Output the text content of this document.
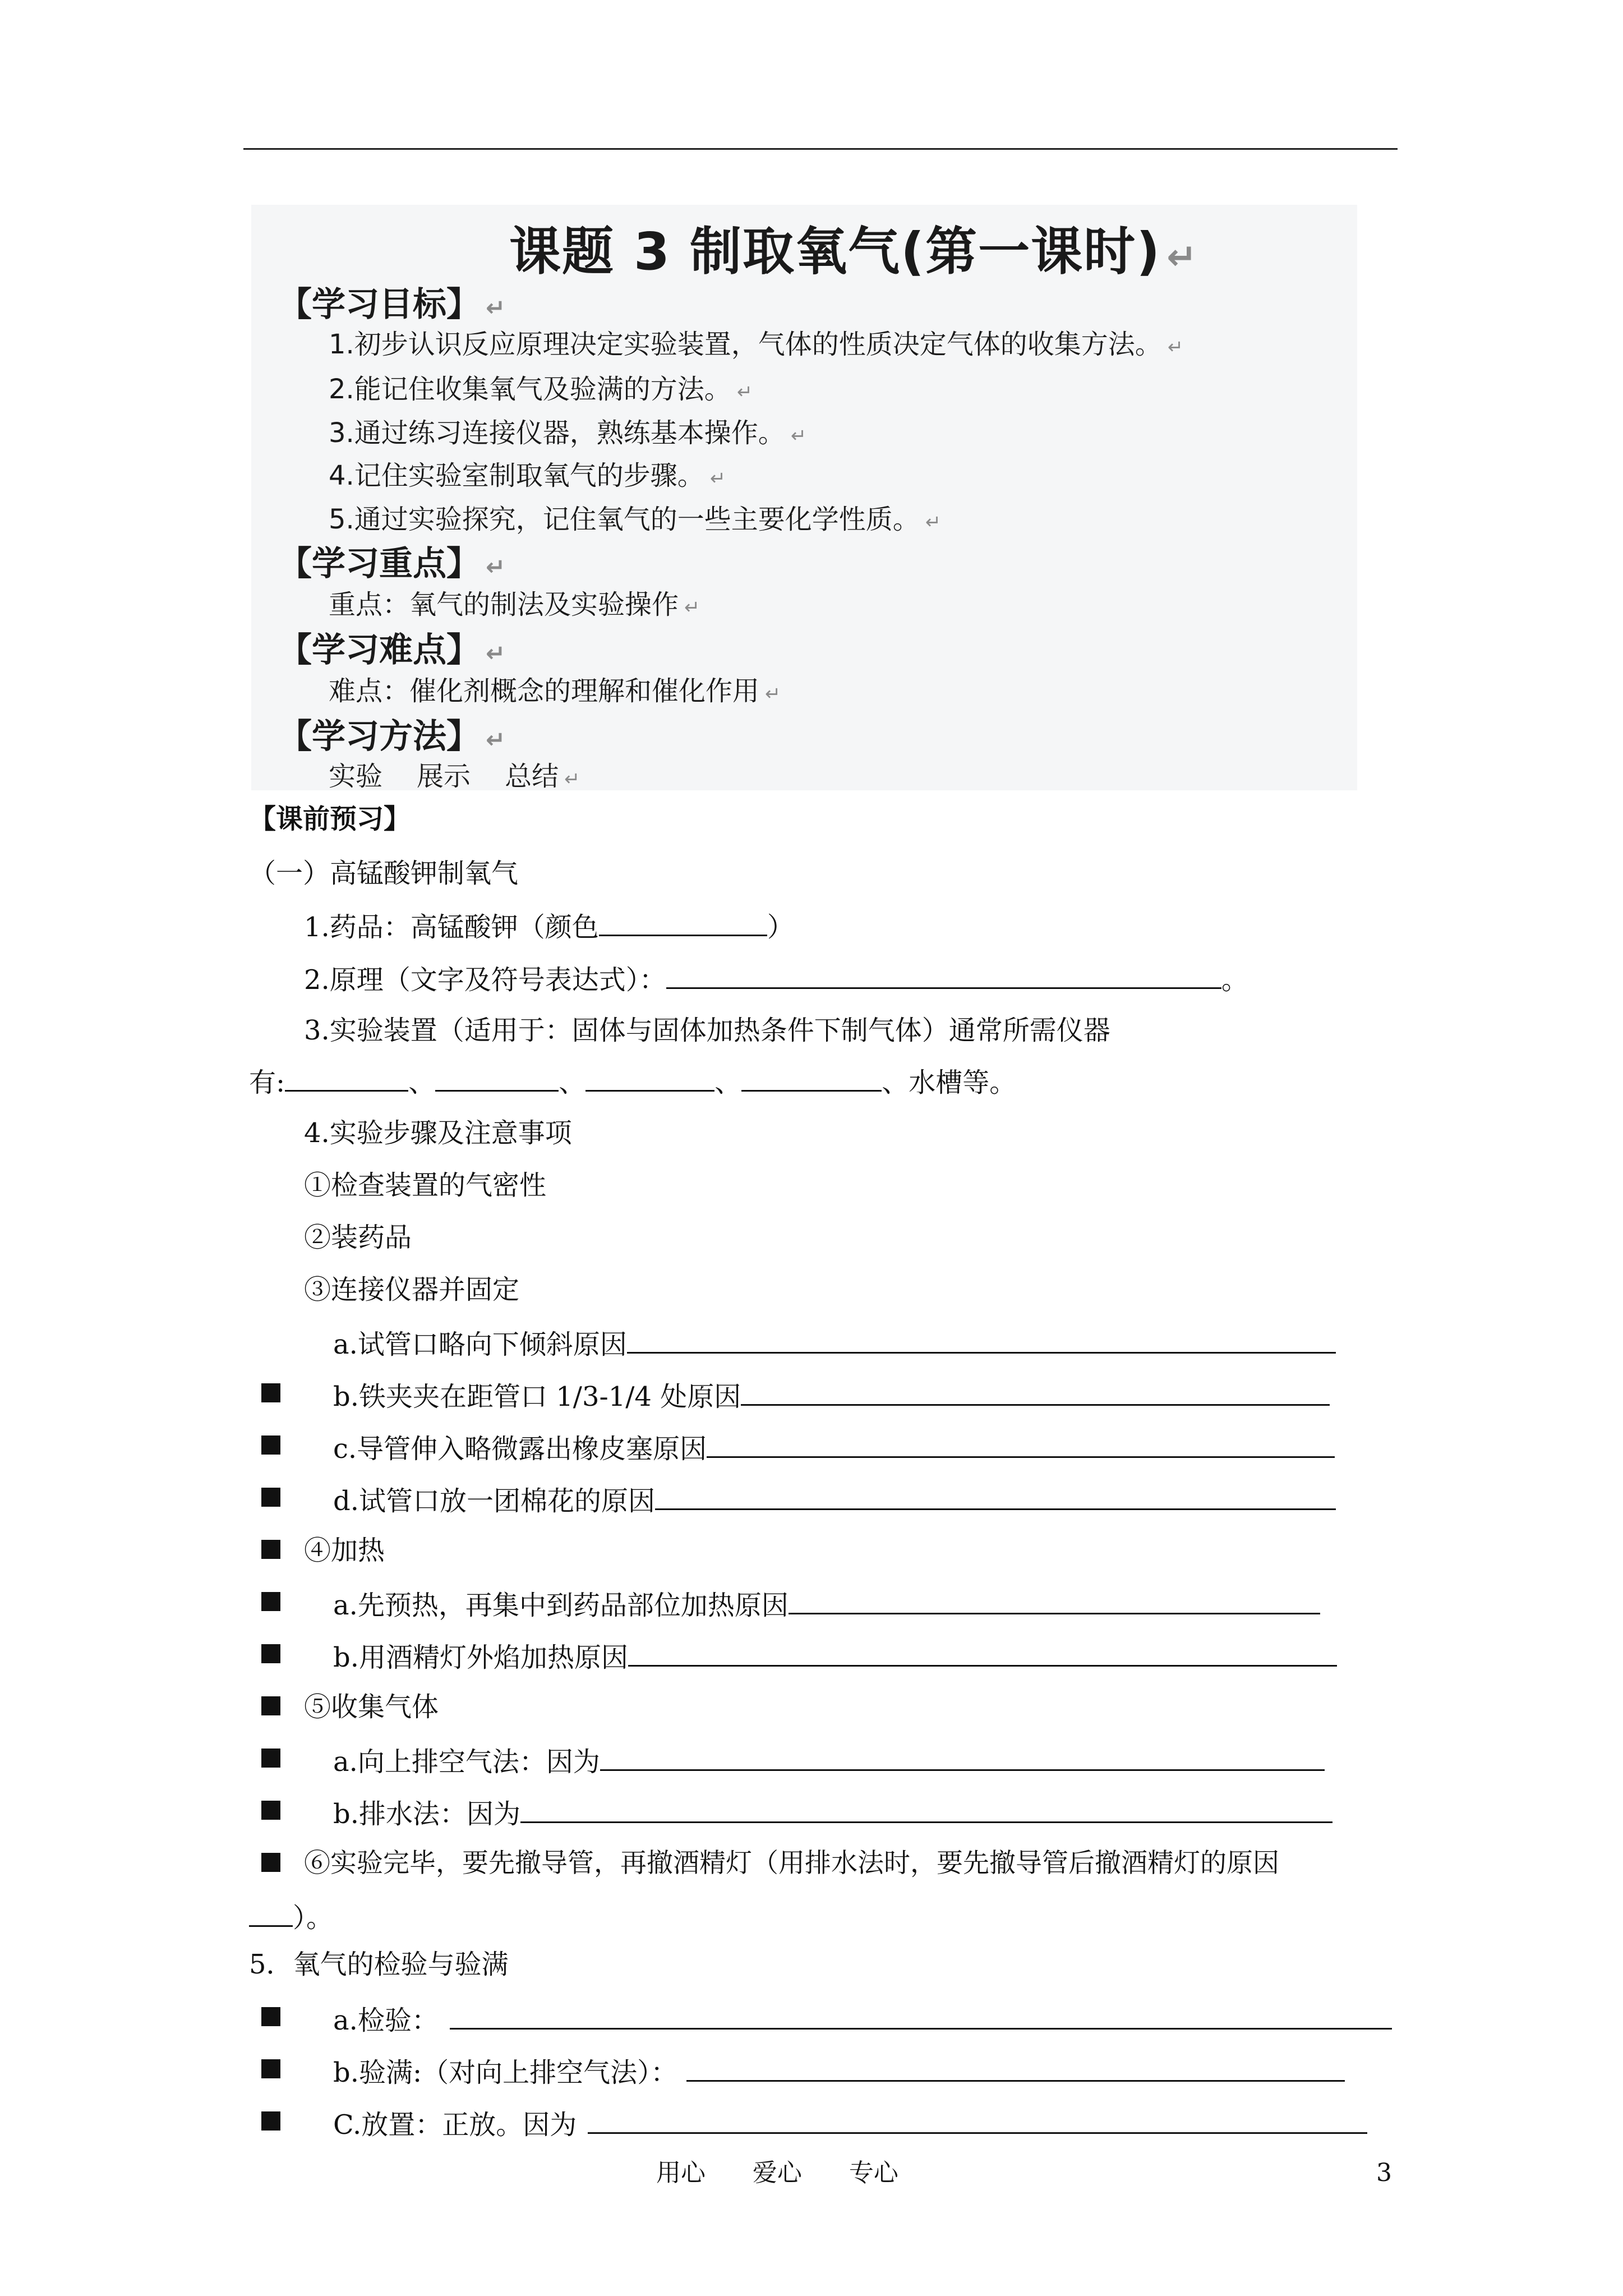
课题 3 制取氧气(第一课时) ↵
【学习目标】 ↵
1.初步认识反应原理决定实验装置，气体的性质决定气体的收集方法。 ↵
2.能记住收集氧气及验满的方法。 ↵
3.通过练习连接仪器，熟练基本操作。 ↵
4.记住实验室制取氧气的步骤。 ↵
5.通过实验探究，记住氧气的一些主要化学性质。 ↵
【学习重点】 ↵
重点：氧气的制法及实验操作 ↵
【学习难点】 ↵
难点：催化剂概念的理解和催化作用 ↵
【学习方法】 ↵
实验    展示    总结 ↵
【课前预习】
（一）高锰酸钾制氧气
1.药品：高锰酸钾（颜色	）
2.原理（文字及符号表达式）：	。
3.实验装置（适用于：固体与固体加热条件下制气体）通常所需仪器
有:	、	、	、	、水槽等。
4.实验步骤及注意事项
①检查装置的气密性
②装药品
③连接仪器并固定
a.试管口略向下倾斜原因
b.铁夹夹在距管口 1/3-1/4 处原因
c.导管伸入略微露出橡皮塞原因
d.试管口放一团棉花的原因
④加热
a.先预热，再集中到药品部位加热原因
b.用酒精灯外焰加热原因
⑤收集气体
a.向上排空气法：因为
b.排水法：因为
⑥实验完毕，要先撤导管，再撤酒精灯（用排水法时，要先撤导管后撤酒精灯的原因
）。
5．氧气的检验与验满
a.检验：
b.验满:（对向上排空气法）：
C.放置：正放。因为
用心      爱心      专心	3
